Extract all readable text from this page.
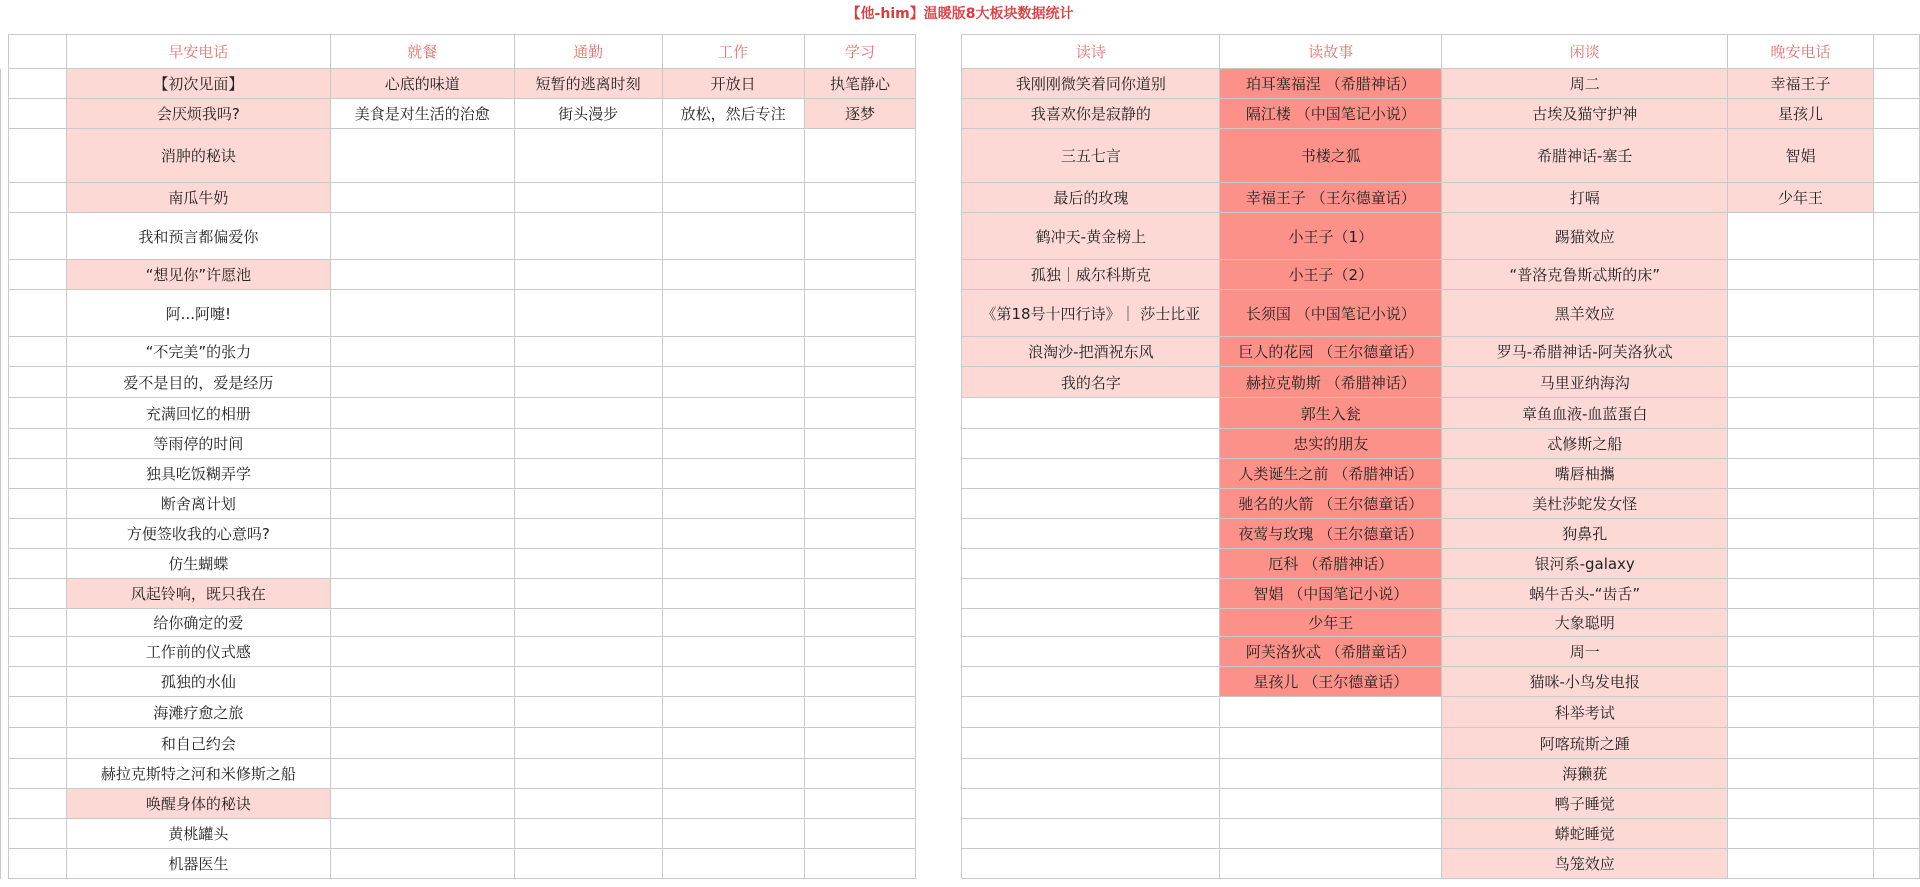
【他-him】温暖版8大板块数据统计
		早安电话	就餐	通勤	工作	学习		读诗	读故事	闲谈	晚安电话	
		【初次见面】	心底的味道	短暂的逃离时刻	开放日	执笔静心		我刚刚微笑着同你道别	珀耳塞福涅 （希腊神话）	周二	幸福王子	
		会厌烦我吗?	美食是对生活的治愈	街头漫步	放松，然后专注	逐梦		我喜欢你是寂静的	隔江楼 （中国笔记小说）	古埃及猫守护神	星孩儿	
		消肿的秘诀						三五七言	书楼之狐	希腊神话-塞壬	智娼	
		南瓜牛奶						最后的玫瑰	幸福王子 （王尔德童话）	打嗝	少年王	
		我和预言都偏爱你						鹤冲天-黄金榜上	小王子（1）	踢猫效应		
		“想见你”许愿池						孤独｜威尔科斯克	小王子（2）	“普洛克鲁斯忒斯的床”		
		阿...阿嚏!						《第18号十四行诗》｜ 莎士比亚	长须国 （中国笔记小说）	黑羊效应		
		“不完美”的张力						浪淘沙-把酒祝东风	巨人的花园 （王尔德童话）	罗马-希腊神话-阿芙洛狄忒		
		爱不是目的，爱是经历						我的名字	赫拉克勒斯 （希腊神话）	马里亚纳海沟		
		充满回忆的相册							郭生入瓮	章鱼血液-血蓝蛋白		
		等雨停的时间							忠实的朋友	忒修斯之船		
		独具吃饭糊弄学							人类诞生之前 （希腊神话）	嘴唇柚攜		
		断舍离计划							驰名的火箭 （王尔德童话）	美杜莎蛇发女怪		
		方便签收我的心意吗?							夜莺与玫瑰 （王尔德童话）	狗鼻孔		
		仿生蝴蝶							厄科 （希腊神话）	银河系-galaxy		
		风起铃响，既只我在							智娼 （中国笔记小说）	蜗牛舌头-“齿舌”		
		给你确定的爱							少年王	大象聪明		
		工作前的仪式感							阿芙洛狄忒 （希腊童话）	周一		
		孤独的水仙							星孩儿 （王尔德童话）	猫咪-小鸟发电报		
		海滩疗愈之旅								科举考试		
		和自己约会								阿喀琉斯之踵		
		赫拉克斯特之河和米修斯之船								海獭莸		
		唤醒身体的秘诀								鸭子睡觉		
		黄桃罐头								蟒蛇睡觉		
		机器医生								鸟笼效应		
